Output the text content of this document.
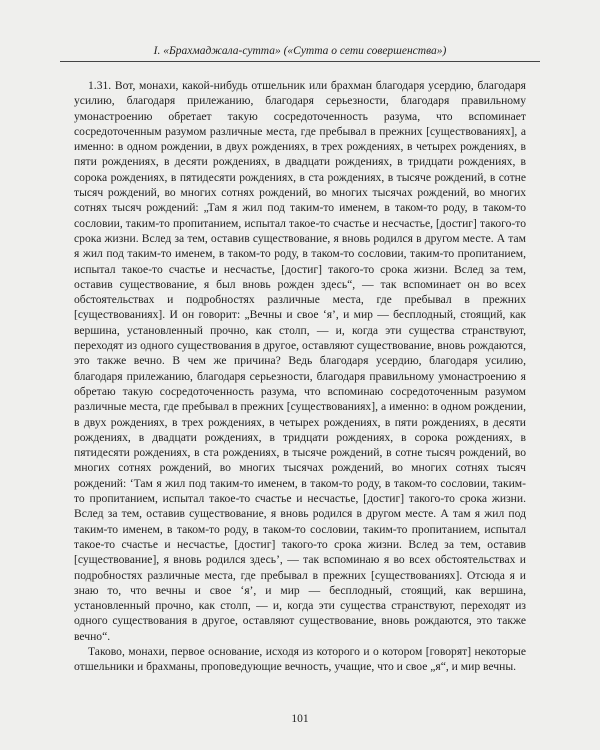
I. «Брахмаджала-сутта» («Сутта о сети совершенства»)

1.31. Вот, монахи, какой-нибудь отшельник или брахман благодаря усердию, благодаря усилию, благодаря прилежанию, благодаря серьезности, благодаря правильному умонастроению обретает такую сосредоточенность разума, что вспоминает сосредоточенным разумом различные места, где пребывал в прежних [существованиях], а именно: в одном рождении, в двух рождениях, в трех рождениях, в четырех рождениях, в пяти рождениях, в десяти рождениях, в двадцати рождениях, в тридцати рождениях, в сорока рождениях, в пятидесяти рождениях, в ста рождениях, в тысяче рождений, в сотне тысяч рождений, во многих сотнях рождений, во многих тысячах рождений, во многих сотнях тысяч рождений: „Там я жил под таким-то именем, в таком-то роду, в таком-то сословии, таким-то пропитанием, испытал такое-то счастье и несчастье, [достиг] такого-то срока жизни. Вслед за тем, оставив существование, я вновь родился в другом месте. А там я жил под таким-то именем, в таком-то роду, в таком-то сословии, таким-то пропитанием, испытал такое-то счастье и несчастье, [достиг] такого-то срока жизни. Вслед за тем, оставив существование, я был вновь рожден здесь“, — так вспоминает он во всех обстоятельствах и подробностях различные места, где пребывал в прежних [существованиях]. И он говорит: „Вечны и свое ‘я’, и мир — бесплодный, стоящий, как вершина, установленный прочно, как столп, — и, когда эти существа странствуют, переходят из одного существования в другое, оставляют существование, вновь рождаются, это также вечно. В чем же причина? Ведь благодаря усердию, благодаря усилию, благодаря прилежанию, благодаря серьезности, благодаря правильному умонастроению я обретаю такую сосредоточенность разума, что вспоминаю сосредоточенным разумом различные места, где пребывал в прежних [существованиях], а именно: в одном рождении, в двух рождениях, в трех рождениях, в четырех рождениях, в пяти рождениях, в десяти рождениях, в двадцати рождениях, в тридцати рождениях, в сорока рождениях, в пятидесяти рождениях, в ста рождениях, в тысяче рождений, в сотне тысяч рождений, во многих сотнях рождений, во многих тысячах рождений, во многих сотнях тысяч рождений: ‘Там я жил под таким-то именем, в таком-то роду, в таком-то сословии, таким-то пропитанием, испытал такое-то счастье и несчастье, [достиг] такого-то срока жизни. Вслед за тем, оставив существование, я вновь родился в другом месте. А там я жил под таким-то именем, в таком-то роду, в таком-то сословии, таким-то пропитанием, испытал такое-то счастье и несчастье, [достиг] такого-то срока жизни. Вслед за тем, оставив [существование], я вновь родился здесь’, — так вспоминаю я во всех обстоятельствах и подробностях различные места, где пребывал в прежних [существованиях]. Отсюда я и знаю то, что вечны и свое ‘я’, и мир — бесплодный, стоящий, как вершина, установленный прочно, как столп, — и, когда эти существа странствуют, переходят из одного существования в другое, оставляют существование, вновь рождаются, это также вечно“.

Таково, монахи, первое основание, исходя из которого и о котором [говорят] некоторые отшельники и брахманы, проповедующие вечность, учащие, что и свое „я“, и мир вечны.

101
